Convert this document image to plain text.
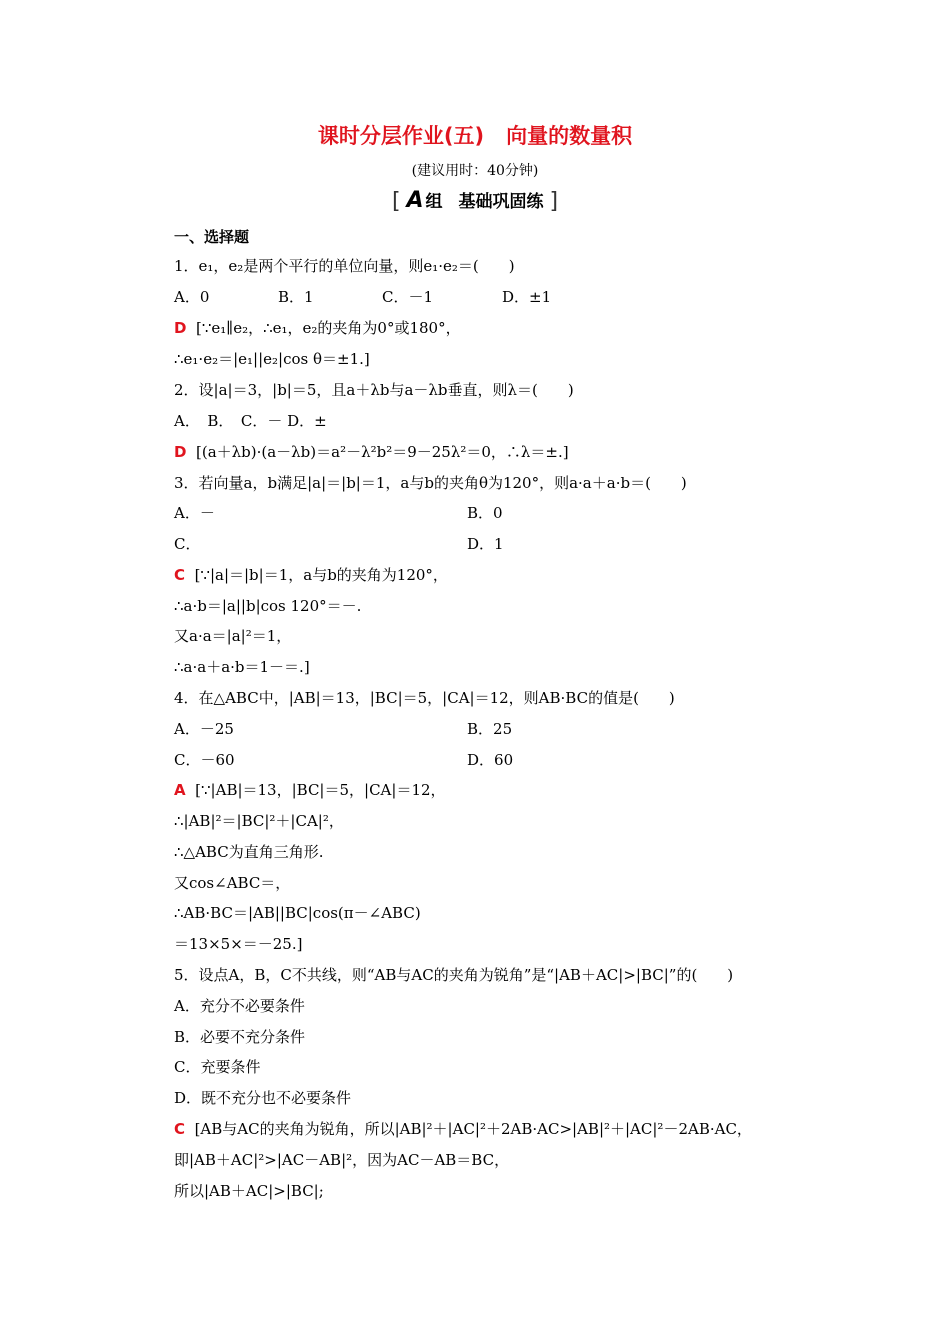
课时分层作业(五) 向量的数量积
(建议用时：40分钟)
[ A 组 基础巩固练 ]
一、选择题
1．e₁，e₂是两个平行的单位向量，则e₁·e₂＝(　　)
A．0	B．1	C．－1	D．±1
D [∵e₁∥e₂，∴e₁，e₂的夹角为0°或180°，
∴e₁·e₂＝|e₁||e₂|cos θ＝±1.]
2．设|a|＝3，|b|＝5，且a＋λb与a－λb垂直，则λ＝(　　)
A．　B．　C．－ D．±
D [(a＋λb)·(a－λb)＝a²－λ²b²＝9－25λ²＝0，∴λ＝±.]
3．若向量a，b满足|a|＝|b|＝1，a与b的夹角θ为120°，则a·a＋a·b＝(　　)
A．－	B．0
C．	D．1
C [∵|a|＝|b|＝1，a与b的夹角为120°，
∴a·b＝|a||b|cos 120°＝－.
又a·a＝|a|²＝1，
∴a·a＋a·b＝1－＝.]
4．在△ABC中，|AB|＝13，|BC|＝5，|CA|＝12，则AB·BC的值是(　　)
A．－25	B．25
C．－60	D．60
A [∵|AB|＝13，|BC|＝5，|CA|＝12，
∴|AB|²＝|BC|²＋|CA|²，
∴△ABC为直角三角形.
又cos∠ABC＝，
∴AB·BC＝|AB||BC|cos(π－∠ABC)
＝13×5×＝－25.]
5．设点A，B，C不共线，则“AB与AC的夹角为锐角”是“|AB＋AC|>|BC|”的(　　)
A．充分不必要条件
B．必要不充分条件
C．充要条件
D．既不充分也不必要条件
C [AB与AC的夹角为锐角，所以|AB|²＋|AC|²＋2AB·AC>|AB|²＋|AC|²－2AB·AC，
即|AB＋AC|²>|AC－AB|²，因为AC－AB＝BC，
所以|AB＋AC|>|BC|;
